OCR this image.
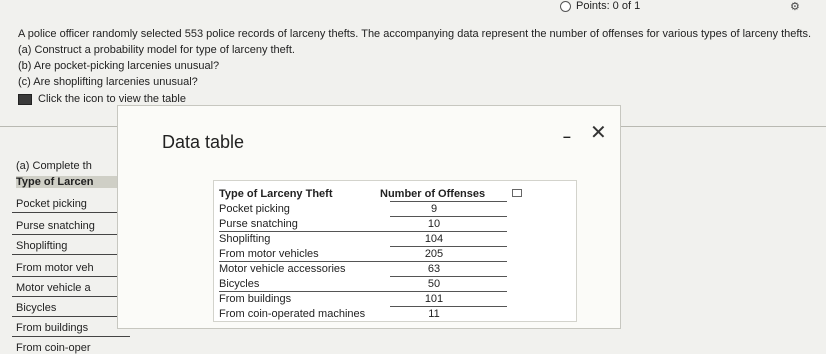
Points: 0 of 1	⚙
A police officer randomly selected 553 police records of larceny thefts. The accompanying data represent the number of offenses for various types of larceny thefts.
(a) Construct a probability model for type of larceny theft.
(b) Are pocket-picking larcenies unusual?
(c) Are shoplifting larcenies unusual?
Click the icon to view the table
(a) Complete th
Type of Larcen
Pocket picking
Purse snatching
Shoplifting
From motor veh
Motor vehicle a
Bicycles
From buildings
From coin-oper
Data table	– ✕
Type of Larceny Theft	Number of Offenses
Pocket picking	9
Purse snatching	10
Shoplifting	104
From motor vehicles	205
Motor vehicle accessories	63
Bicycles	50
From buildings	101
From coin-operated machines	11
